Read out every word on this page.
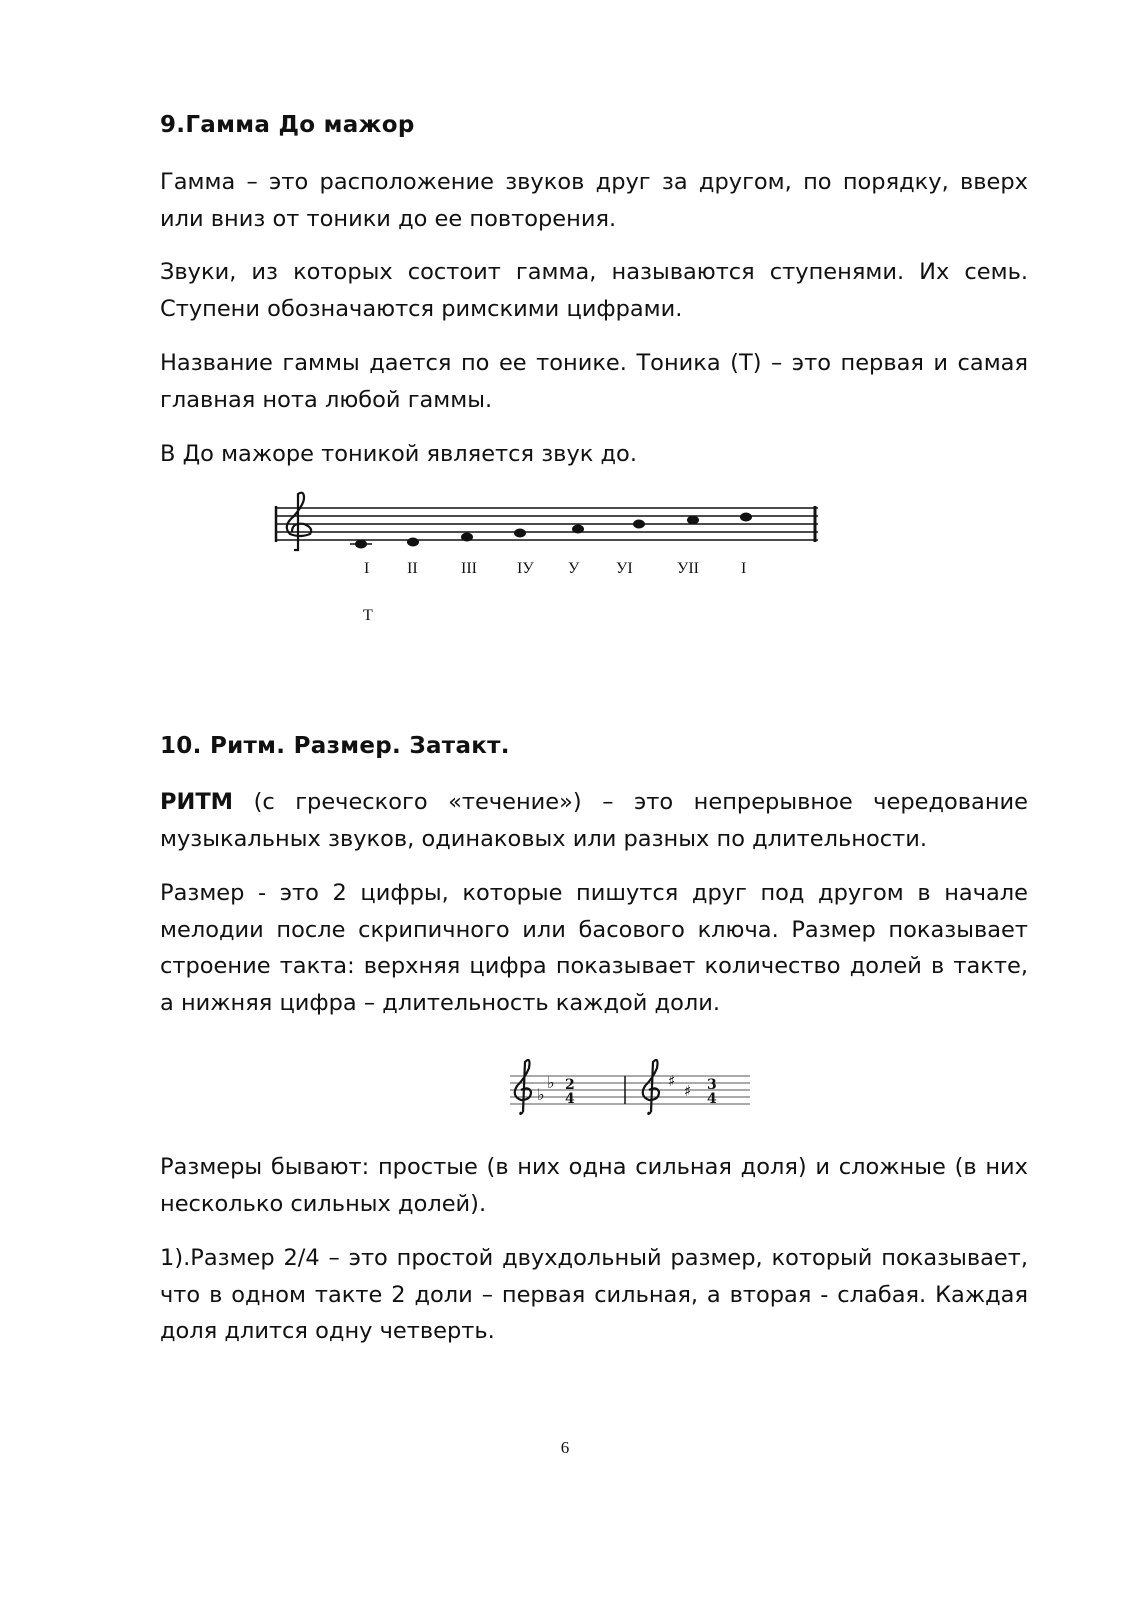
9.Гамма До мажор
Гамма – это расположение звуков друг за другом, по порядку, вверх или вниз от тоники до ее повторения.
Звуки, из которых состоит гамма, называются ступенями. Их семь. Ступени обозначаются римскими цифрами.
Название гаммы дается по ее тонике. Тоника (Т) – это первая и самая главная нота любой гаммы.
В До мажоре тоникой является звук до.
10. Ритм. Размер. Затакт.
РИТМ (с греческого «течение») – это непрерывное чередование музыкальных звуков, одинаковых или разных по длительности.
Размер - это 2 цифры, которые пишутся друг под другом в начале мелодии после скрипичного или басового ключа. Размер показывает строение такта: верхняя цифра показывает количество долей в такте, а нижняя цифра – длительность каждой доли.
Размеры бывают: простые (в них одна сильная доля) и сложные (в них несколько сильных долей).
1).Размер 2/4 – это простой двухдольный размер, который показывает, что в одном такте 2 доли – первая сильная, а вторая - слабая. Каждая доля длится одну четверть.
I II	III	IУ У УI	УII	I
Т
♭
♭ 2
4
♯
♯ 3
4
6
